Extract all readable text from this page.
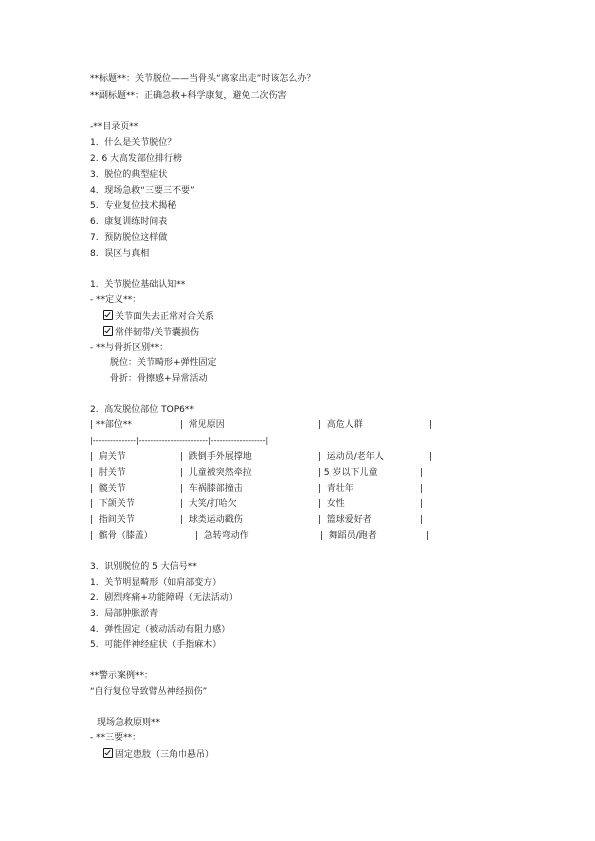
**标题**：关节脱位——当骨头“离家出走”时该怎么办？
**副标题**：正确急救+科学康复，避免二次伤害
-**目录页**
1.  什么是关节脱位？
2. 6 大高发部位排行榜
3.  脱位的典型症状
4.  现场急救“三要三不要”
5.  专业复位技术揭秘
6.  康复训练时间表
7.  预防脱位这样做
8.  误区与真相
1.  关节脱位基础认知**
- **定义**：
关节面失去正常对合关系
常伴韧带/关节囊损伤
- **与骨折区别**：
脱位：关节畸形+弹性固定
骨折：骨擦感+异常活动
2.  高发脱位部位 TOP6**

| **部位**

	|  常见原因

	|  高危人群

	|

|---------------|------------------------|-------------------|

|  肩关节

	|  跌倒手外展撑地

	|  运动员/老年人

	|

|  肘关节

	|  儿童被突然牵拉

	| 5 岁以下儿童

	|

|  髋关节

	|  车祸膝部撞击

	|  青壮年

	|

|  下颌关节

	|  大笑/打哈欠

	|  女性

	|

|  指间关节

	|  球类运动戳伤

	|  篮球爱好者

	|

|  髌骨（膝盖）

	|  急转弯动作

	|  舞蹈员/跑者

	|

3.  识别脱位的 5 大信号**
1.  关节明显畸形（如肩部变方）
2.  剧烈疼痛+功能障碍（无法活动）
3.  局部肿胀淤青
4.  弹性固定（被动活动有阻力感）
5.  可能伴神经症状（手指麻木）
**警示案例**：
“自行复位导致臂丛神经损伤”
现场急救原则**
- **三要**：
固定患肢（三角巾悬吊）
